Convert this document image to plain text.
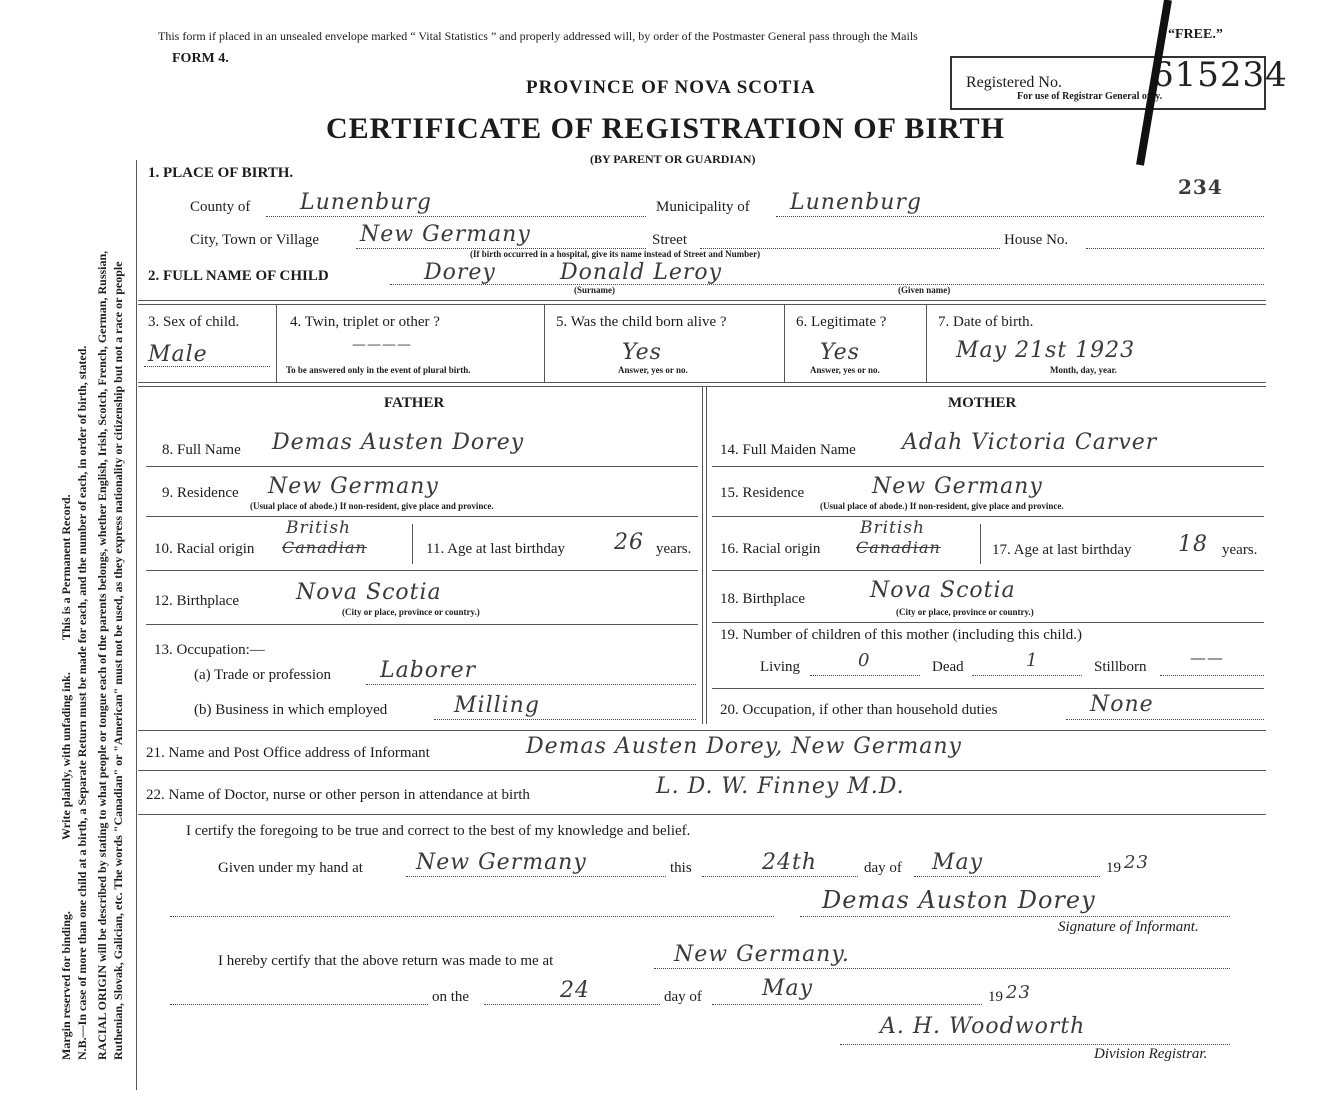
Margin reserved for binding.
Write plainly, with unfading ink.
This is a Permanent Record. N.B.—In case of more than one child at a birth, a Separate Return must be made for each, and the number of each, in order of birth, stated. RACIAL ORIGIN will be described by stating to what people or tongue each of the parents belongs, whether English, Irish, Scotch, French, German, Russian, Ruthenian, Slovak, Galician, etc. The words "Canadian" or "American" must not be used, as they express nationality or citizenship but not a race or people
This form if placed in an unsealed envelope marked “ Vital Statistics ” and properly addressed will, by order of the Postmaster General pass through the Mails	“FREE.”
FORM 4.
PROVINCE OF NOVA SCOTIA
CERTIFICATE OF REGISTRATION OF BIRTH
(BY PARENT OR GUARDIAN)
Registered No.
For use of Registrar General only.
615234
234
1. PLACE OF BIRTH.
County of Lunenburg	Municipality of Lunenburg
City, Town or Village New Germany	Street	House No.
(If birth occurred in a hospital, give its name instead of Street and Number)
2. FULL NAME OF CHILD	Dorey	Donald Leroy
(Surname)	(Given name)
3. Sex of child.
Male
4. Twin, triplet or other ?
————
To be answered only in the event of plural birth.
5. Was the child born alive ?
Yes
Answer, yes or no.
6. Legitimate ?
Yes
Answer, yes or no.
7. Date of birth.
May 21st 1923
Month, day, year.
FATHER	MOTHER
8. Full Name Demas Austen Dorey
9. Residence New Germany
(Usual place of abode.) If non-resident, give place and province.
10. Racial origin
British
Canadian	11. Age at last birthday 26 years.
12. Birthplace	Nova Scotia
(City or place, province or country.)
13. Occupation:—
(a) Trade or profession Laborer
(b) Business in which employed	Milling
14. Full Maiden Name Adah Victoria Carver
15. Residence	New Germany
(Usual place of abode.) If non-resident, give place and province.
16. Racial origin
British
Canadian	17. Age at last birthday 18 years.
18. Birthplace	Nova Scotia
(City or place, province or country.)
19. Number of children of this mother (including this child.)
Living	0	Dead	1	Stillborn	——
20. Occupation, if other than household duties	None
21. Name and Post Office address of Informant	Demas Austen Dorey, New Germany
22. Name of Doctor, nurse or other person in attendance at birth	L. D. W. Finney M.D.
I certify the foregoing to be true and correct to the best of my knowledge and belief.
Given under my hand at New Germany	this	24th	day of May	19 23
Demas Auston Dorey
Signature of Informant.
I hereby certify that the above return was made to me at	New Germany.
on the	24	day of	May	19 23
A. H. Woodworth
Division Registrar.
